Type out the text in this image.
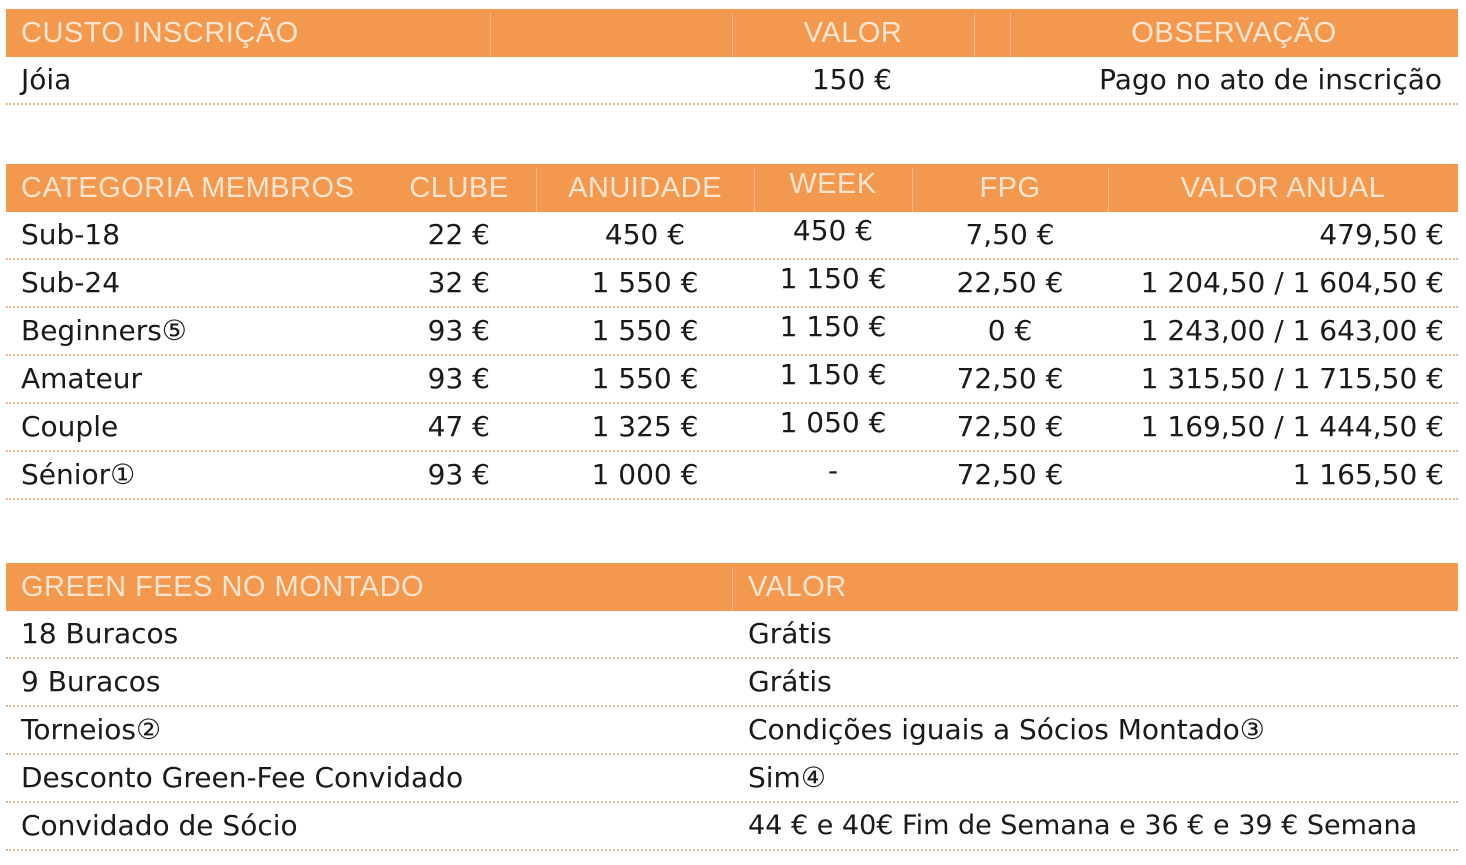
CUSTO INSCRIÇÃO	VALOR	OBSERVAÇÃO
Jóia	150 €	Pago no ato de inscrição
CATEGORIA MEMBROS	CLUBE	ANUIDADE	WEEK	FPG	VALOR ANUAL
Sub-18	22 €	450 €	450 €	7,50 €	479,50 €
Sub-24	32 €	1 550 €	1 150 €	22,50 €	1 204,50 / 1 604,50 €
Beginners⑤	93 €	1 550 €	1 150 €	0 €	1 243,00 / 1 643,00 €
Amateur	93 €	1 550 €	1 150 €	72,50 €	1 315,50 / 1 715,50 €
Couple	47 €	1 325 €	1 050 €	72,50 €	1 169,50 / 1 444,50 €
Sénior①	93 €	1 000 €	-	72,50 €	1 165,50 €
GREEN FEES NO MONTADO	VALOR
18 Buracos	Grátis
9 Buracos	Grátis
Torneios②	Condições iguais a Sócios Montado③
Desconto Green-Fee Convidado	Sim④
Convidado de Sócio	44 € e 40€ Fim de Semana e 36 € e 39 € Semana
